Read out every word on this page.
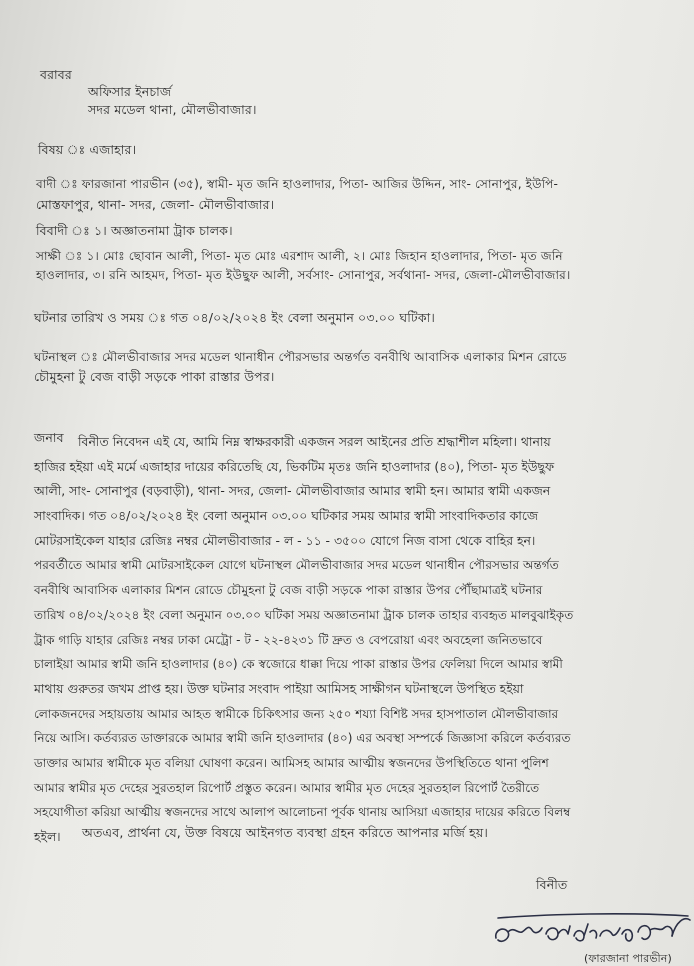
বরাবর

অফিসার ইনচার্জ

সদর মডেল থানা, মৌলভীবাজার।

বিষয় ঃ এজাহার।

বাদী ঃ ফারজানা পারভীন (৩৫), স্বামী- মৃত জনি হাওলাদার, পিতা- আজির উদ্দিন, সাং- সোনাপুর, ইউপি-

মোস্তফাপুর, থানা- সদর, জেলা- মৌলভীবাজার।

বিবাদী ঃ ১। অজ্ঞাতনামা ট্রাক চালক।

সাক্ষী ঃ ১। মোঃ ছোবান আলী, পিতা- মৃত মোঃ এরশাদ আলী, ২। মোঃ জিহান হাওলাদার, পিতা- মৃত জনি

হাওলাদার, ৩। রনি আহমদ, পিতা- মৃত ইউছুফ আলী, সর্বসাং- সোনাপুর, সর্বথানা- সদর, জেলা-মৌলভীবাজার।

ঘটনার তারিখ ও সময় ঃ গত ০৪/০২/২০২৪ ইং বেলা অনুমান ০৩.০০ ঘটিকা।

ঘটনাস্থল ঃ মৌলভীবাজার সদর মডেল থানাধীন পৌরসভার অন্তর্গত বনবীথি আবাসিক এলাকার মিশন রোডে

চৌমুহনা টু বেজ বাড়ী সড়কে পাকা রাস্তার উপর।

জনাব	বিনীত নিবেদন এই যে, আমি নিম্ন স্বাক্ষরকারী একজন সরল আইনের প্রতি শ্রদ্ধাশীল মহিলা। থানায়
হাজির হইয়া এই মর্মে এজাহার দায়ের করিতেছি যে, ভিকটিম মৃতঃ জনি হাওলাদার (৪০), পিতা- মৃত ইউছুফ
আলী, সাং- সোনাপুর (বড়বাড়ী), থানা- সদর, জেলা- মৌলভীবাজার আমার স্বামী হন। আমার স্বামী একজন
সাংবাদিক। গত ০৪/০২/২০২৪ ইং বেলা অনুমান ০৩.০০ ঘটিকার সময় আমার স্বামী সাংবাদিকতার কাজে
মোটরসাইকেল যাহার রেজিঃ নম্বর মৌলভীবাজার - ল - ১১ - ৩৫০০ যোগে নিজ বাসা থেকে বাহির হন।
পরবর্তীতে আমার স্বামী মোটরসাইকেল যোগে ঘটনাস্থল মৌলভীবাজার সদর মডেল থানাধীন পৌরসভার অন্তর্গত
বনবীথি আবাসিক এলাকার মিশন রোডে চৌমুহনা টু বেজ বাড়ী সড়কে পাকা রাস্তার উপর পৌঁছামাত্রই ঘটনার
তারিখ ০৪/০২/২০২৪ ইং বেলা অনুমান ০৩.০০ ঘটিকা সময় অজ্ঞাতনামা ট্রাক চালক তাহার ব্যবহৃত মালবুঝাইকৃত
ট্রাক গাড়ি যাহার রেজিঃ নম্বর ঢাকা মেট্রো - ট - ২২-৪২৩১ টি দ্রুত ও বেপরোয়া এবং অবহেলা জনিতভাবে
চালাইয়া আমার স্বামী জনি হাওলাদার (৪০) কে স্বজোরে ধাক্কা দিয়ে পাকা রাস্তার উপর ফেলিয়া দিলে আমার স্বামী
মাথায় গুরুতর জখম প্রাপ্ত হয়। উক্ত ঘটনার সংবাদ পাইয়া আমিসহ সাক্ষীগন ঘটনাস্থলে উপস্থিত হইয়া
লোকজনদের সহায়তায় আমার আহত স্বামীকে চিকিৎসার জন্য ২৫০ শয্যা বিশিষ্ট সদর হাসপাতাল মৌলভীবাজার
নিয়ে আসি। কর্তব্যরত ডাক্তারকে আমার স্বামী জনি হাওলাদার (৪০) এর অবস্থা সম্পর্কে জিজ্ঞাসা করিলে কর্তব্যরত
ডাক্তার আমার স্বামীকে মৃত বলিয়া ঘোষণা করেন। আমিসহ আমার আত্মীয় স্বজনদের উপস্থিতিতে থানা পুলিশ
আমার স্বামীর মৃত দেহের সুরতহাল রিপোর্ট প্রস্তুত করেন। আমার স্বামীর মৃত দেহের সুরতহাল রিপোর্ট তৈরীতে
সহযোগীতা করিয়া আত্মীয় স্বজনদের সাথে আলাপ আলোচনা পূর্বক থানায় আসিয়া এজাহার দায়ের করিতে বিলম্ব
হইল।	অতএব, প্রার্থনা যে, উক্ত বিষয়ে আইনগত ব্যবস্থা গ্রহন করিতে আপনার মর্জি হয়।

বিনীত

(ফারজানা পারভীন)
